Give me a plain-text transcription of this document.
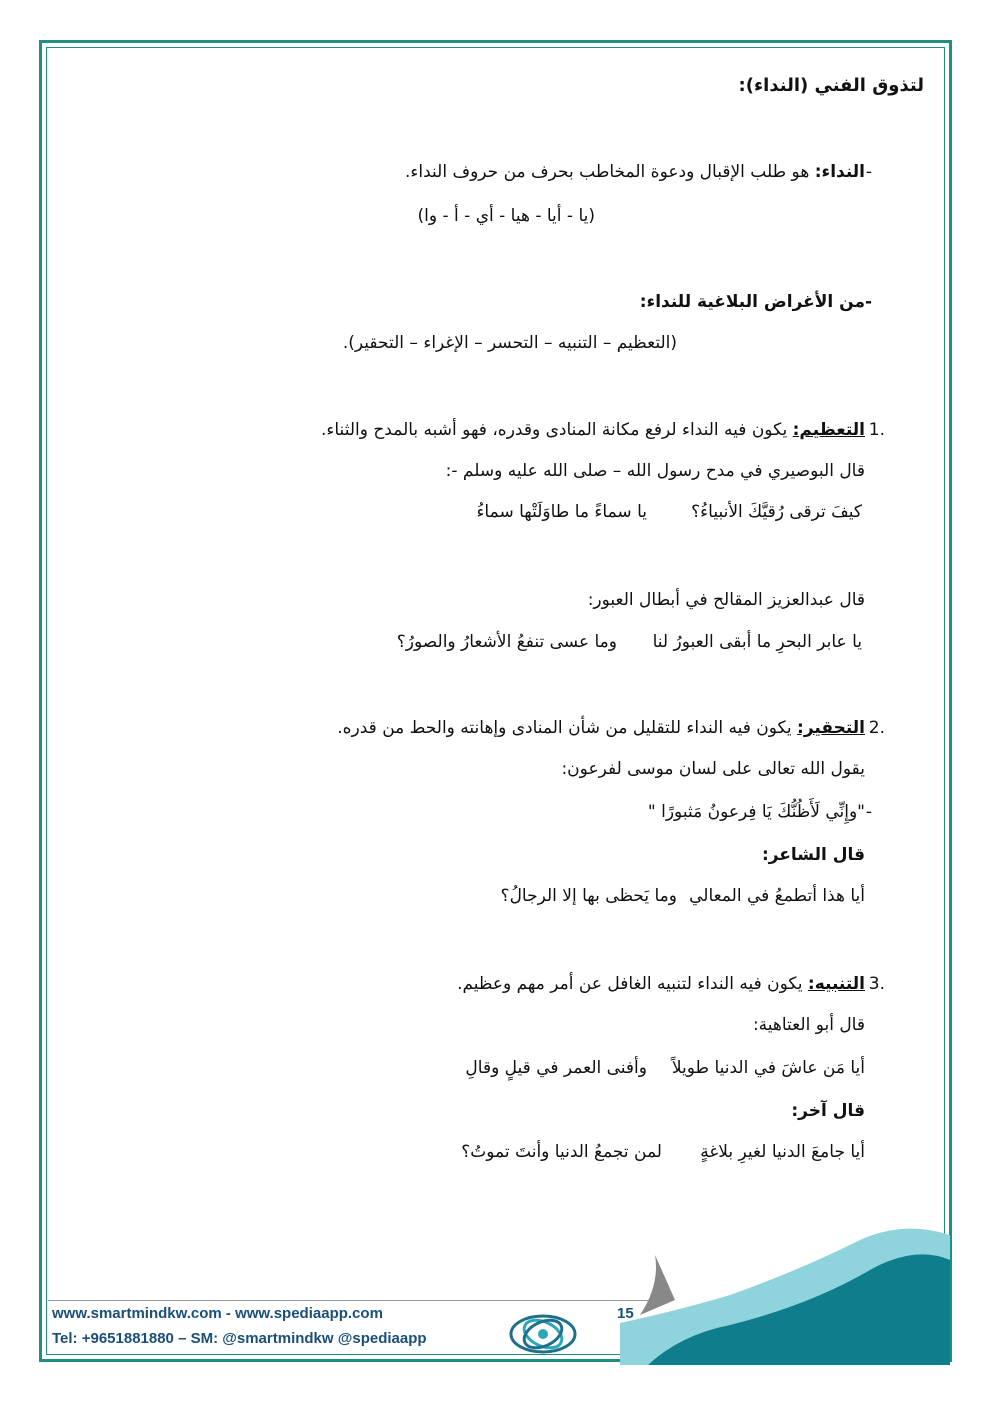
لتذوق الفني (النداء):
-
النداء: هو طلب الإقبال ودعوة المخاطب بحرف من حروف النداء.
(يا - أيا - هيا - أي - أ - وا)
-
من الأغراض البلاغية للنداء:
(التعظيم – التنبيه – التحسر – الإغراء – التحقير).
.1
التعظيم: يكون فيه النداء لرفع مكانة المنادى وقدره، فهو أشبه بالمدح والثناء.
قال البوصيري في مدح رسول الله – صلى الله عليه وسلم -:
كيفَ ترقى رُقيَّكَ الأنبياءُ؟
يا سماءً ما طاوَلَتْها سماءُ
قال عبدالعزيز المقالح في أبطال العبور:
يا عابر البحرِ ما أبقى العبورُ لنا
وما عسى تنفعُ الأشعارُ والصورُ؟
.2
التحقير: يكون فيه النداء للتقليل من شأن المنادى وإهانته والحط من قدره.
يقول الله تعالى على لسان موسى لفرعون:
-
"وإِنِّي لَأَظُنُّكَ يَا فِرعونُ مَثبورًا "
قال الشاعر:
أيا هذا أتطمعُ في المعالي
وما يَحظى بها إلا الرجالُ؟
.3
التنبيه: يكون فيه النداء لتنبيه الغافل عن أمر مهم وعظيم.
قال أبو العتاهية:
أيا مَن عاشَ في الدنيا طويلاً
وأفنى العمر في قيلٍ وقالِ
قال آخر:
أيا جامعَ الدنيا لغيرِ بلاغةٍ
لمن تجمعُ الدنيا وأنتَ تموتُ؟
www.smartmindkw.com - www.spediaapp.com
Tel: +9651881880 – SM: @smartmindkw @spediaapp
15
